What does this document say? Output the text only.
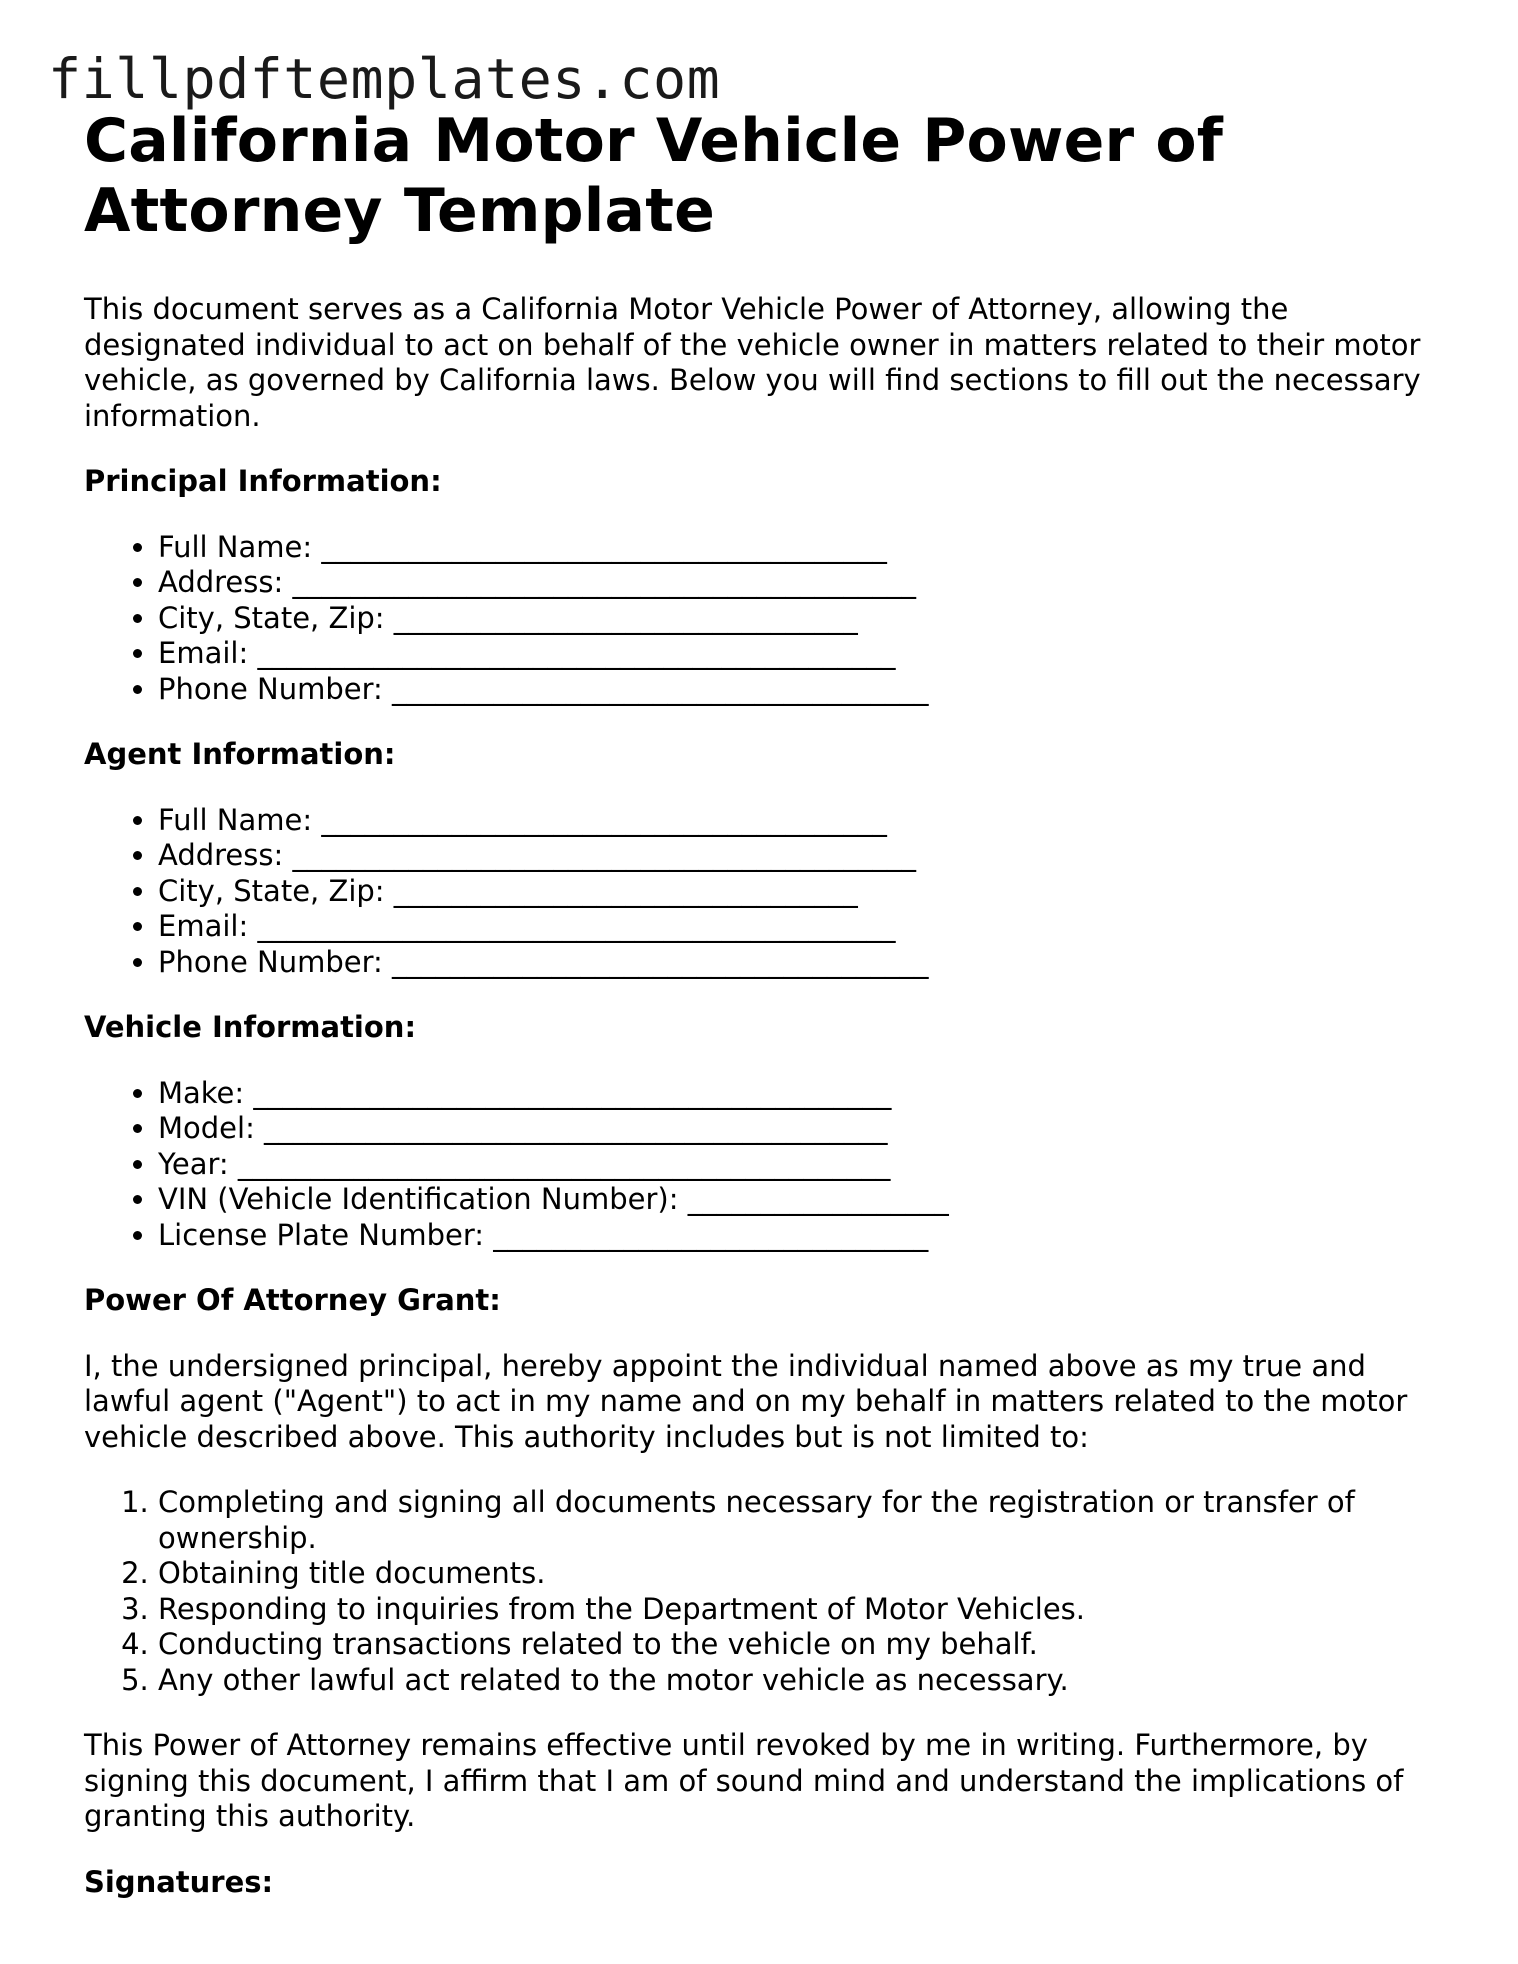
fillpdftemplates.com
California Motor Vehicle Power of Attorney Template

This document serves as a California Motor Vehicle Power of Attorney, allowing the designated individual to act on behalf of the vehicle owner in matters related to their motor vehicle, as governed by California laws. Below you will find sections to fill out the necessary information.

Principal Information:
• Full Name: _______________________________________
• Address: ___________________________________________
• City, State, Zip: ________________________________
• Email: ____________________________________________
• Phone Number: _____________________________________
Agent Information:
• Full Name: _______________________________________
• Address: ___________________________________________
• City, State, Zip: ________________________________
• Email: ____________________________________________
• Phone Number: _____________________________________
Vehicle Information:
• Make: ____________________________________________
• Model: ___________________________________________
• Year: _____________________________________________
• VIN (Vehicle Identification Number): __________________
• License Plate Number: ______________________________
Power Of Attorney Grant:

I, the undersigned principal, hereby appoint the individual named above as my true and lawful agent ("Agent") to act in my name and on my behalf in matters related to the motor vehicle described above. This authority includes but is not limited to:

1. Completing and signing all documents necessary for the registration or transfer of ownership.
2. Obtaining title documents.
3. Responding to inquiries from the Department of Motor Vehicles.
4. Conducting transactions related to the vehicle on my behalf.
5. Any other lawful act related to the motor vehicle as necessary.

This Power of Attorney remains effective until revoked by me in writing. Furthermore, by signing this document, I affirm that I am of sound mind and understand the implications of granting this authority.

Signatures:
